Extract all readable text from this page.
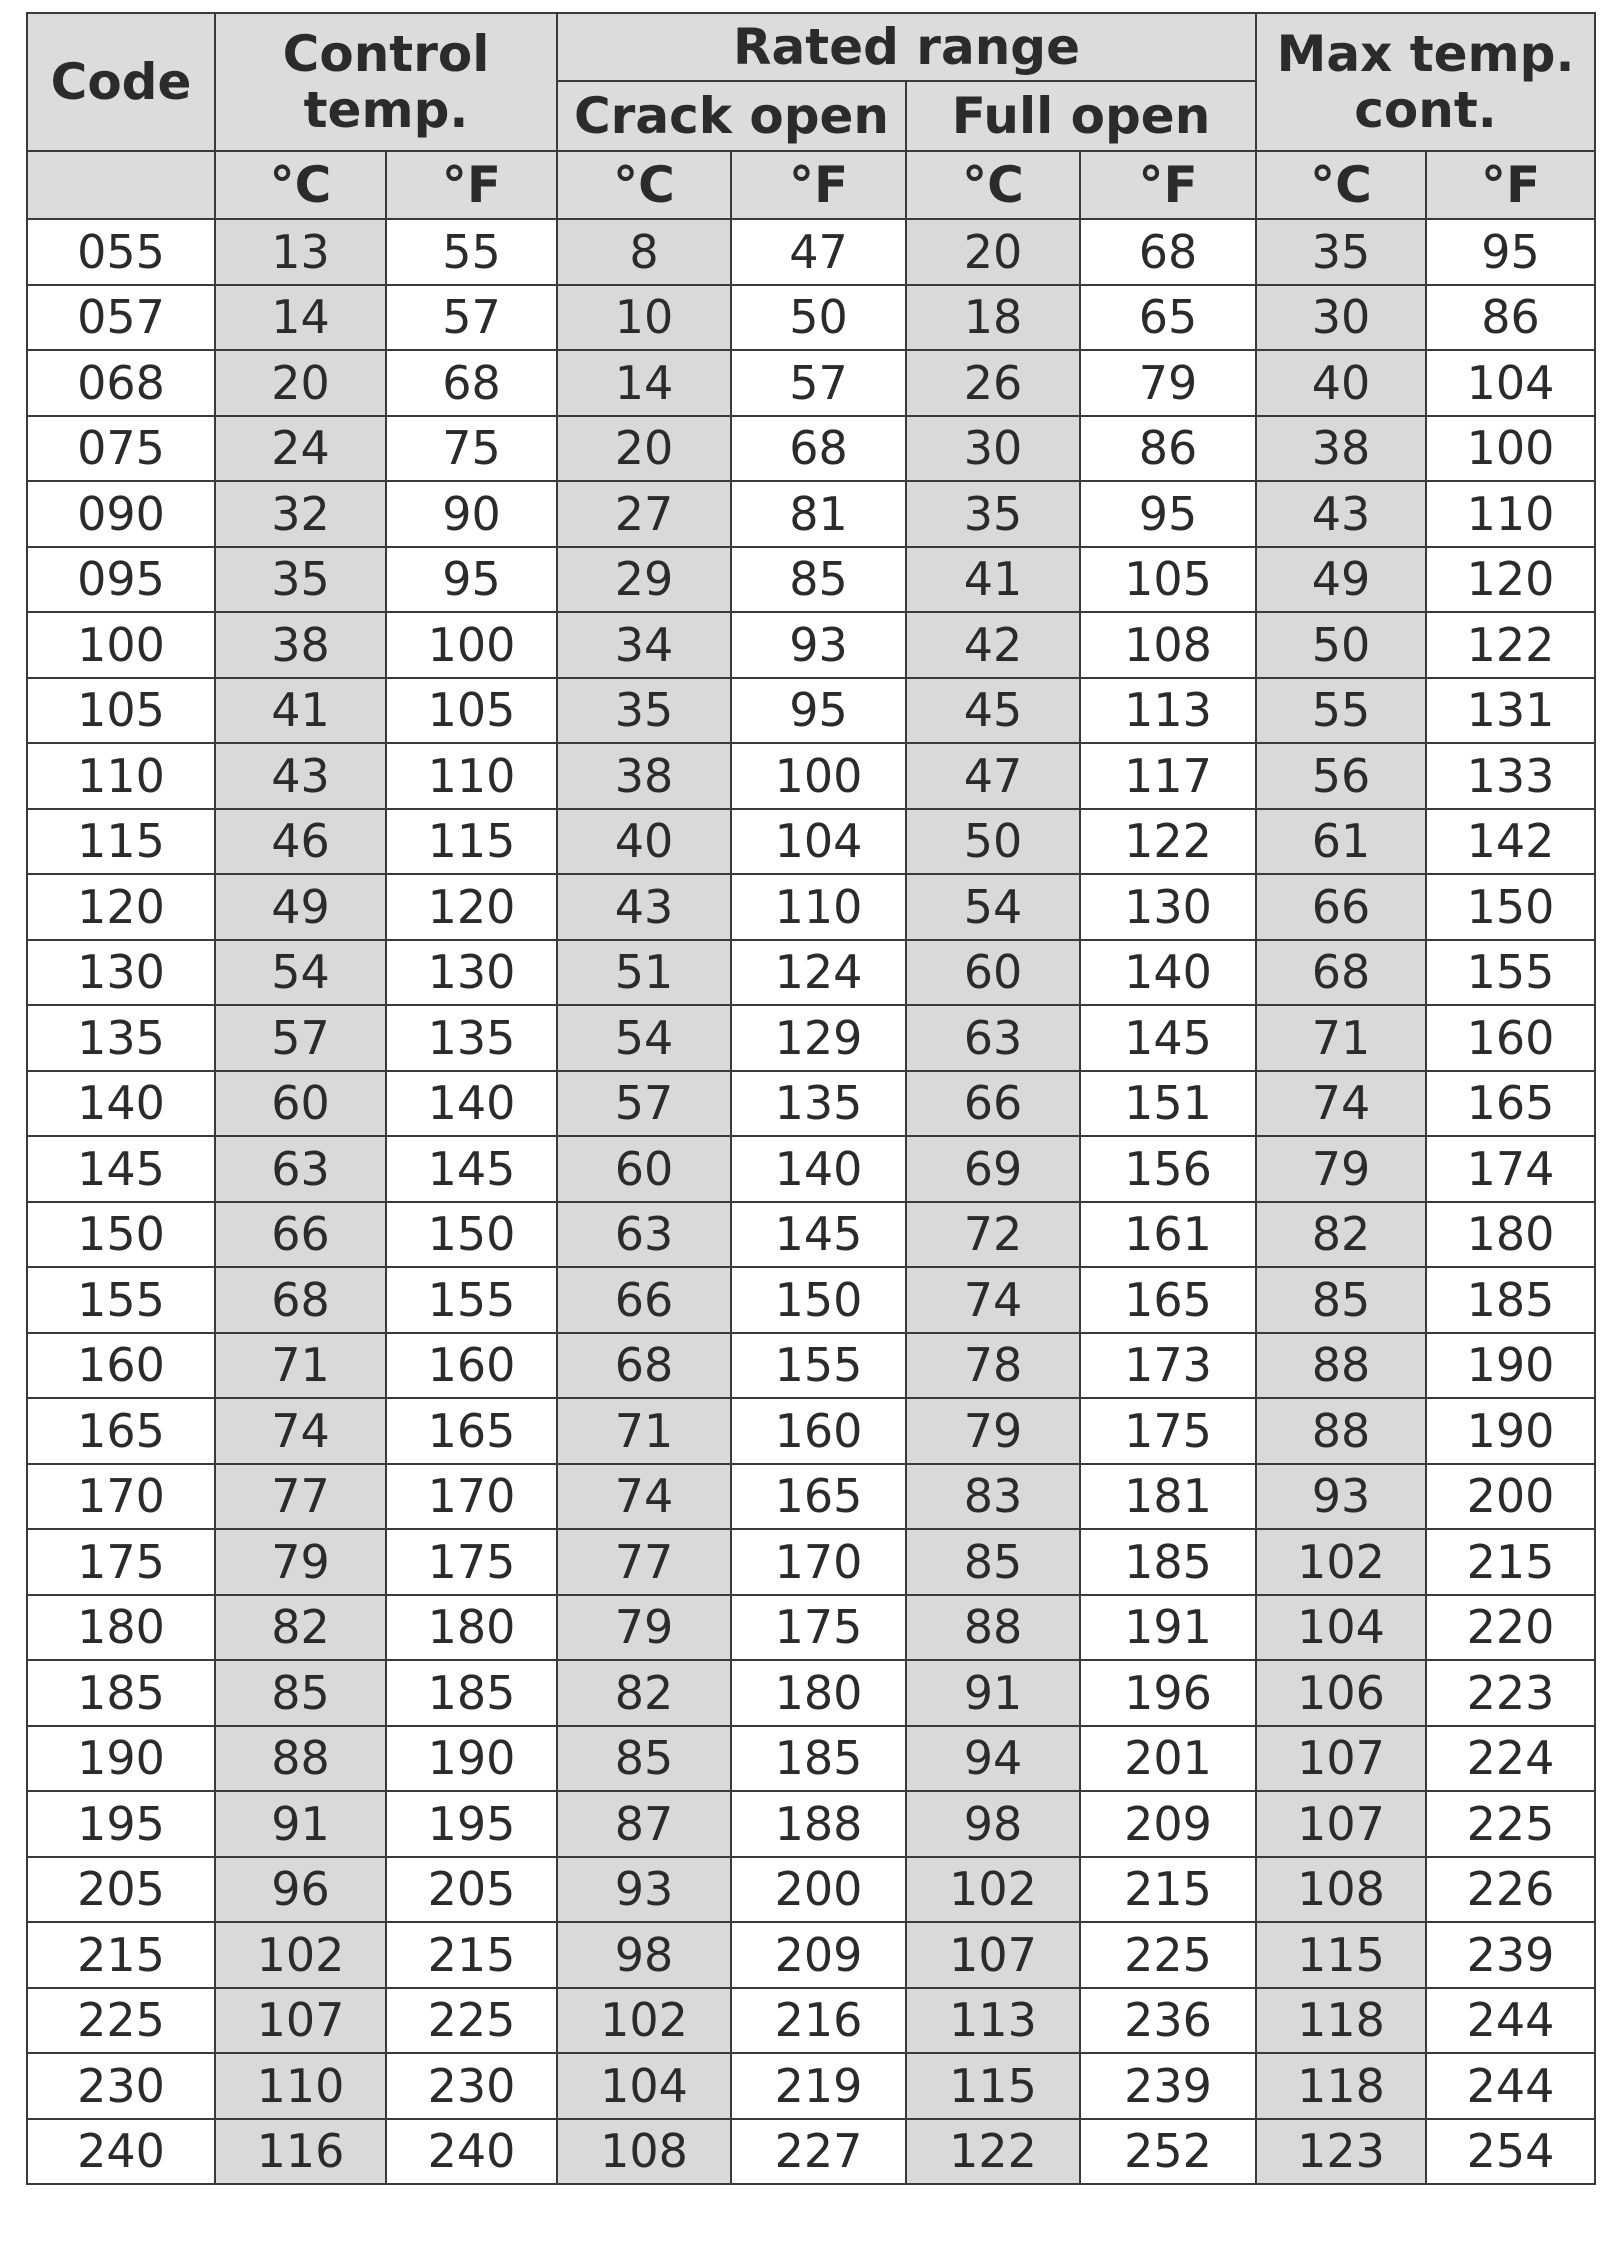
Code	Control temp.		Rated range				Max temp. cont.	
			Crack open		Full open			
	°C	°F	°C	°F	°C	°F	°C	°F
055	13	55	8	47	20	68	35	95
057	14	57	10	50	18	65	30	86
068	20	68	14	57	26	79	40	104
075	24	75	20	68	30	86	38	100
090	32	90	27	81	35	95	43	110
095	35	95	29	85	41	105	49	120
100	38	100	34	93	42	108	50	122
105	41	105	35	95	45	113	55	131
110	43	110	38	100	47	117	56	133
115	46	115	40	104	50	122	61	142
120	49	120	43	110	54	130	66	150
130	54	130	51	124	60	140	68	155
135	57	135	54	129	63	145	71	160
140	60	140	57	135	66	151	74	165
145	63	145	60	140	69	156	79	174
150	66	150	63	145	72	161	82	180
155	68	155	66	150	74	165	85	185
160	71	160	68	155	78	173	88	190
165	74	165	71	160	79	175	88	190
170	77	170	74	165	83	181	93	200
175	79	175	77	170	85	185	102	215
180	82	180	79	175	88	191	104	220
185	85	185	82	180	91	196	106	223
190	88	190	85	185	94	201	107	224
195	91	195	87	188	98	209	107	225
205	96	205	93	200	102	215	108	226
215	102	215	98	209	107	225	115	239
225	107	225	102	216	113	236	118	244
230	110	230	104	219	115	239	118	244
240	116	240	108	227	122	252	123	254
